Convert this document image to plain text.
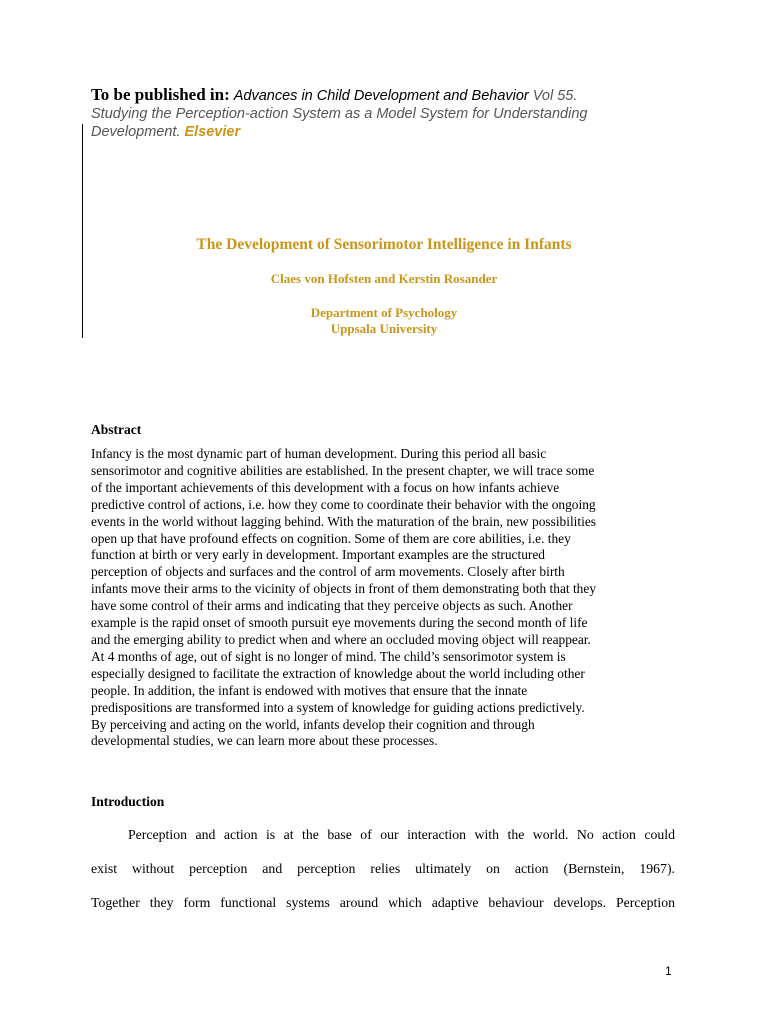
To be published in: Advances in Child Development and Behavior Vol 55.
Studying the Perception-action System as a Model System for Understanding
Development. Elsevier
The Development of Sensorimotor Intelligence in Infants
Claes von Hofsten and Kerstin Rosander
Department of Psychology
Uppsala University
Abstract
Infancy is the most dynamic part of human development. During this period all basic
sensorimotor and cognitive abilities are established. In the present chapter, we will trace some
of the important achievements of this development with a focus on how infants achieve
predictive control of actions, i.e. how they come to coordinate their behavior with the ongoing
events in the world without lagging behind. With the maturation of the brain, new possibilities
open up that have profound effects on cognition. Some of them are core abilities, i.e. they
function at birth or very early in development. Important examples are the structured
perception of objects and surfaces and the control of arm movements. Closely after birth
infants move their arms to the vicinity of objects in front of them demonstrating both that they
have some control of their arms and indicating that they perceive objects as such. Another
example is the rapid onset of smooth pursuit eye movements during the second month of life
and the emerging ability to predict when and where an occluded moving object will reappear.
At 4 months of age, out of sight is no longer of mind. The child’s sensorimotor system is
especially designed to facilitate the extraction of knowledge about the world including other
people. In addition, the infant is endowed with motives that ensure that the innate
predispositions are transformed into a system of knowledge for guiding actions predictively.
By perceiving and acting on the world, infants develop their cognition and through
developmental studies, we can learn more about these processes.
Introduction
Perception and action is at the base of our interaction with the world. No action could
exist without perception and perception relies ultimately on action (Bernstein, 1967).
Together they form functional systems around which adaptive behaviour develops. Perception
1
